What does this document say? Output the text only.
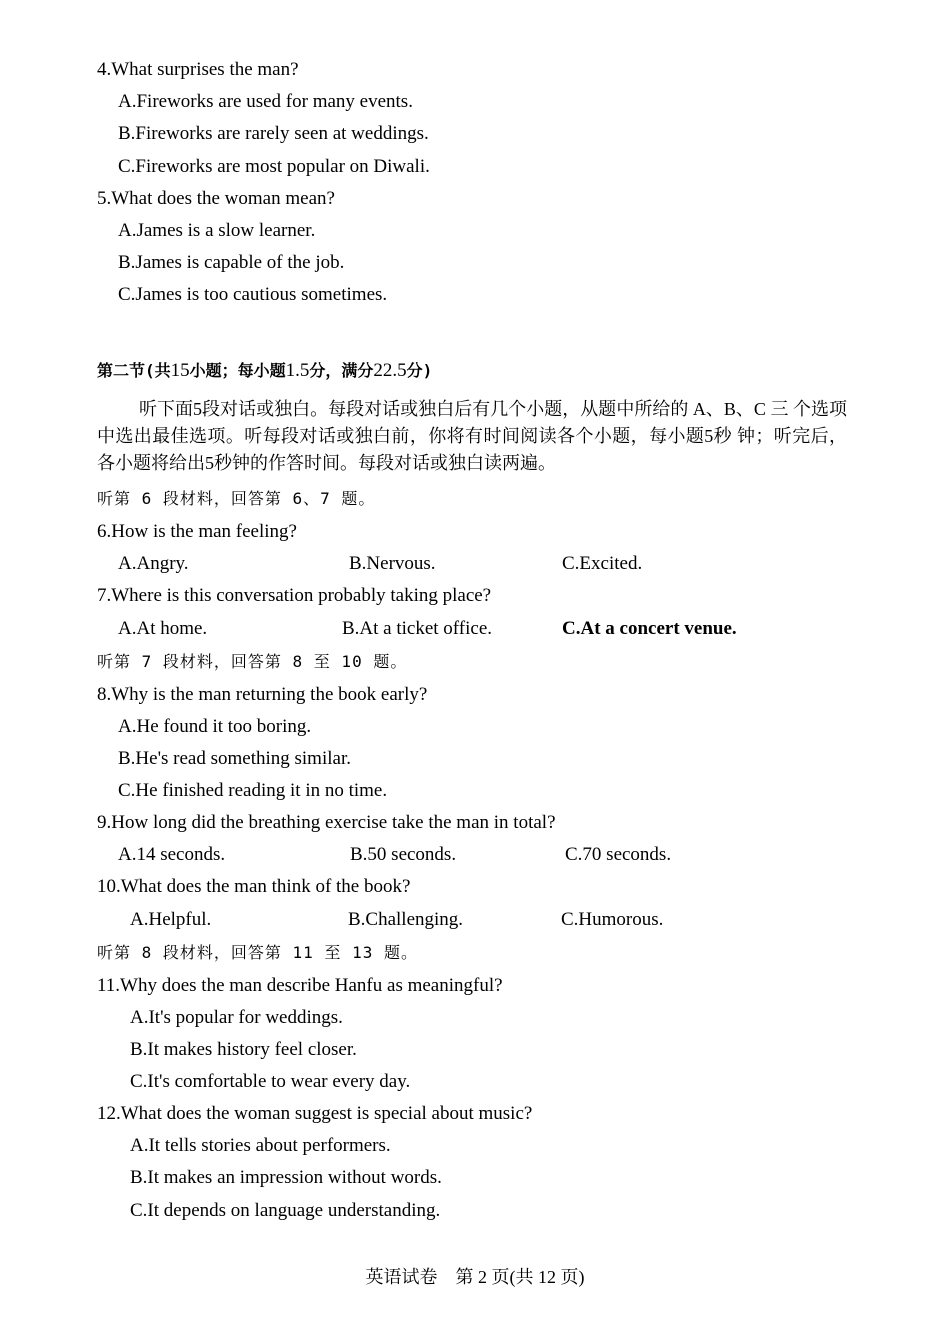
4.What surprises the man?
A.Fireworks are used for many events.
B.Fireworks are rarely seen at weddings.
C.Fireworks are most popular on Diwali.
5.What does the woman mean?
A.James is a slow learner.
B.James is capable of the job.
C.James is too cautious sometimes.
第二节(共15小题；每小题1.5分，满分22.5分)
听下面5段对话或独白。每段对话或独白后有几个小题，从题中所给的 A、B、C 三 个选项中选出最佳选项。听每段对话或独白前，你将有时间阅读各个小题，每小题5秒 钟；听完后，各小题将给出5秒钟的作答时间。每段对话或独白读两遍。
听第 6 段材料，回答第 6、7 题。
6.How is the man feeling?
A.Angry.	B.Nervous.	C.Excited.
7.Where is this conversation probably taking place?
A.At home.	B.At a ticket office.	C.At a concert venue.
听第 7 段材料，回答第 8 至 10 题。
8.Why is the man returning the book early?
A.He found it too boring.
B.He's read something similar.
C.He finished reading it in no time.
9.How long did the breathing exercise take the man in total?
A.14 seconds.	B.50 seconds.	C.70 seconds.
10.What does the man think of the book?
A.Helpful.	B.Challenging.	C.Humorous.
听第 8 段材料，回答第 11 至 13 题。
11.Why does the man describe Hanfu as meaningful?
A.It's popular for weddings.
B.It makes history feel closer.
C.It's comfortable to wear every day.
12.What does the woman suggest is special about music?
A.It tells stories about performers.
B.It makes an impression without words.
C.It depends on language understanding.
英语试卷　第 2 页(共 12 页)
